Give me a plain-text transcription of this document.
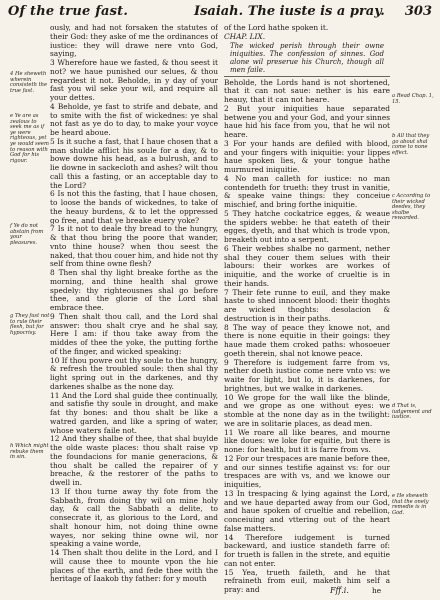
Of the true fast.	Isaiah. The iuste is a pray. 303
4 He sheweth wherein consisteth the true fast.
e Ye are as zealous to seek me as if ye were righteous, yet ye would seem to reason with God for his rigour.
f Ye do not abstain from your pleasures.
g They fast not to rule their flesh, but for hypocrisy.
h Which might rebuke them in sin.

ously, and had not forsaken the statutes of their God: they aske of me the ordinances of iustice: they will drawe nere vnto God, saying,

3 Wherefore haue we fasted, & thou seest it not? we haue punished our selues, & thou regardest it not. Beholde, in y day of your fast you wil seke your wil, and require all your dettes.

4 Beholde, ye fast to strife and debate, and to smite with the fist of wickednes: ye shal not fast as ye do to day, to make your voyce be heard aboue.

5 Is it suche a fast, that I haue chosen that a man shulde afflict his soule for a day, & to bowe downe his head, as a bulrush, and to lie downe in sackecloth and ashes? wilt thou call this a fasting, or an acceptable day to the Lord?

6 Is not this the fasting, that I haue chosen, to loose the bands of wickednes, to take of the heauy burdens, & to let the oppressed go free, and that ye breake euery yoke?

7 Is it not to deale thy bread to the hungry, & that thou bring the poore that wander, vnto thine house? when thou seest the naked, that thou couer him, and hide not thy self from thine owne flesh?

8 Then shal thy light breake forthe as the morning, and thine health shal growe spedely: thy righteousnes shal go before thee, and the glorie of the Lord shal embrace thee.

9 Then shalt thou call, and the Lord shal answer: thou shalt crye and he shal say, Here I am: if thou take away from the middes of thee the yoke, the putting forthe of the finger, and wicked speaking:

10 If thou powre out thy soule to the hungry, & refresh the troubled soule: then shal thy light spring out in the darkenes, and thy darkenes shalbe as the none day.

11 And the Lord shal guide thee continually, and satisfie thy soule in drought, and make fat thy bones: and thou shalt be like a watred garden, and like a spring of water, whose waters faile not.

12 And they shalbe of thee, that shal buylde the olde waste places: thou shalt raise vp the foundacions for manie generacions, & thou shalt be called the repairer of y breache, & the restorer of the paths to dwell in.

13 If thou turne away thy fote from the Sabbath, from doing thy wil on mine holy day, & call the Sabbath a delite, to consecrate it, as glorious to the Lord, and shalt honour him, not doing thine owne wayes, nor seking thine owne wil, nor speaking a vaine worde,

14 Then shalt thou delite in the Lord, and I will cause thee to mounte vpon the hie places of the earth, and fede thee with the heritage of Iaakob thy father: for y mouth

of the Lord hathe spoken it.

CHAP. LIX.

The wicked perish through their owne iniquities. The confession of sinnes. God alone wil preserue his Church, though all men faile.

Beholde, the Lords hand is not shortened, that it can not saue: nether is his eare heauy, that it can not heare.

2 But your iniquities haue separated betwene you and your God, and your sinnes haue hid his face from you, that he wil not heare.

3 For your hands are defiled with blood, and your fingers with iniquitie: your lippes haue spoken lies, & your tongue hathe murmured iniquitie.

4 No man calleth for iustice: no man contendeth for trueth: they trust in vanitie, & speake vaine things: they conceiue mischief, and bring forthe iniquitie.

5 They hatche cockatrice egges, & weaue the spiders webbe: he that eateth of their egges, dyeth, and that which is trode vpon, breaketh out into a serpent.

6 Their webbes shalbe no garment, nether shal they couer them selues with their labours: their workes are workes of iniquitie, and the worke of crueltie is in their hands.

7 Their fete runne to euil, and they make haste to shed innocent blood: their thoghts are wicked thoghts: desolacion & destruction is in their paths.

8 The way of peace they knowe not, and there is none equitie in their goings: they haue made them croked paths: whosoeuer goeth therein, shal not knowe peace.

9 Therefore is iudgement farre from vs, nether doeth iustice come nere vnto vs: we waite for light, but lo, it is darkenes, for brightnes, but we walke in darkenes.

10 We grope for the wall like the blinde, and we grope as one without eyes: we stomble at the none day as in the twilight: we are in solitarie places, as dead men.

11 We roare all like beares, and mourne like doues: we loke for equitie, but there is none: for health, but it is farre from vs.

12 For our trespaces are manie before thee, and our sinnes testifie against vs: for our trespaces are with vs, and we knowe our iniquities,

13 In trespacing & lying against the Lord, and we haue departed away from our God, and haue spoken of crueltie and rebellion, conceiuing and vttering out of the heart false matters.

14 Therefore iudgement is turned backeward, and iustice standeth farre of: for trueth is fallen in the strete, and equitie can not enter.

15 Yea, trueth faileth, and he that refraineth from euil, maketh him self a pray: and

a Read Chap. 1, 15.
b All that they go about shal come to none effect.
c According to their wicked deedes, they shalbe rewarded.
d That is, iudgement and iustice.
e He sheweth that the onely remedie is in God.
Fff.i.	he
